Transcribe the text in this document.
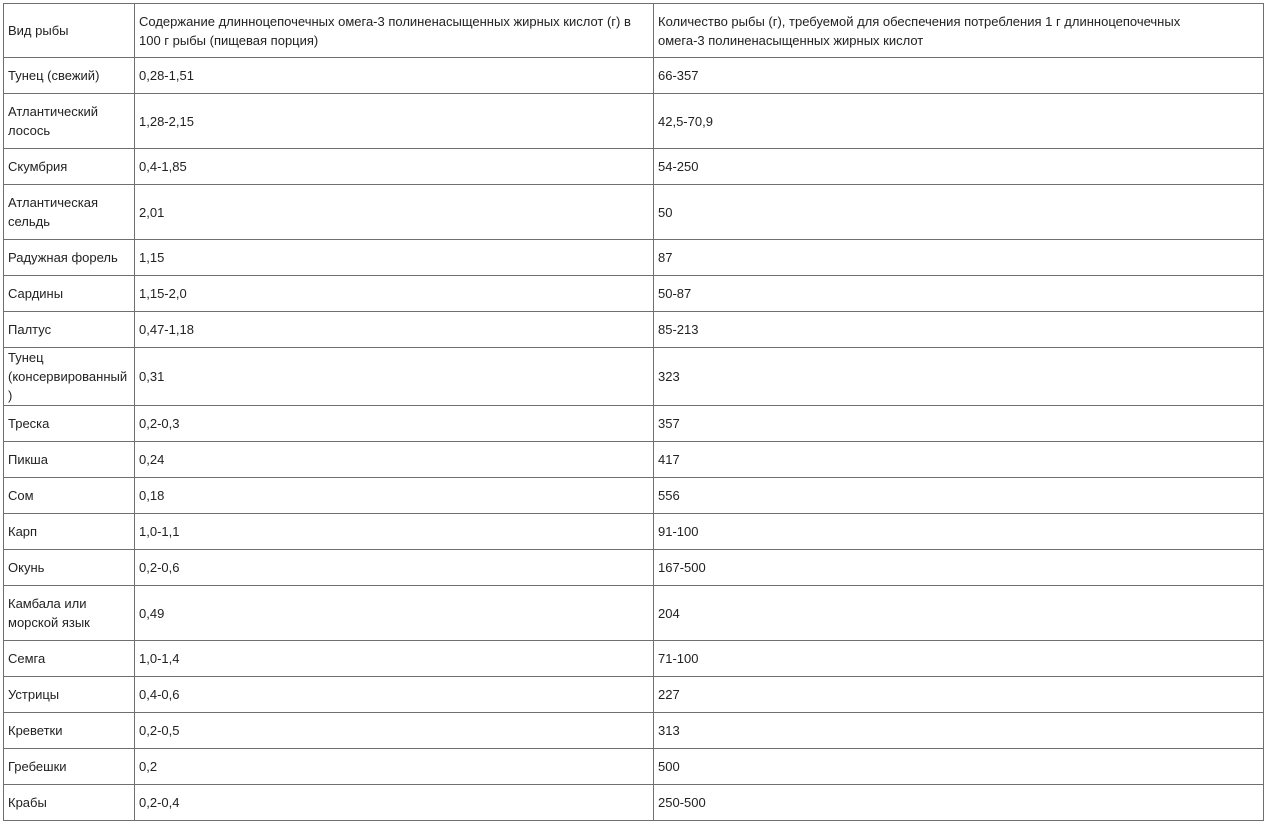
Вид рыбы	Содержание длинноцепочечных омега-3 полиненасыщенных жирных кислот (г) в 100 г рыбы (пищевая порция)	Количество рыбы (г), требуемой для обеспечения потребления 1 г длинноцепочечных омега-3 полиненасыщенных жирных кислот

Тунец (свежий)	0,28-1,51	66-357
Атлантический лосось	1,28-2,15	42,5-70,9
Скумбрия	0,4-1,85	54-250
Атлантическая сельдь	2,01	50
Радужная форель	1,15	87
Сардины	1,15-2,0	50-87
Палтус	0,47-1,18	85-213
Тунец (консервированный)	0,31	323
Треска	0,2-0,3	357
Пикша	0,24	417
Сом	0,18	556
Карп	1,0-1,1	91-100
Окунь	0,2-0,6	167-500
Камбала или морской язык	0,49	204
Семга	1,0-1,4	71-100
Устрицы	0,4-0,6	227
Креветки	0,2-0,5	313
Гребешки	0,2	500
Крабы	0,2-0,4	250-500
